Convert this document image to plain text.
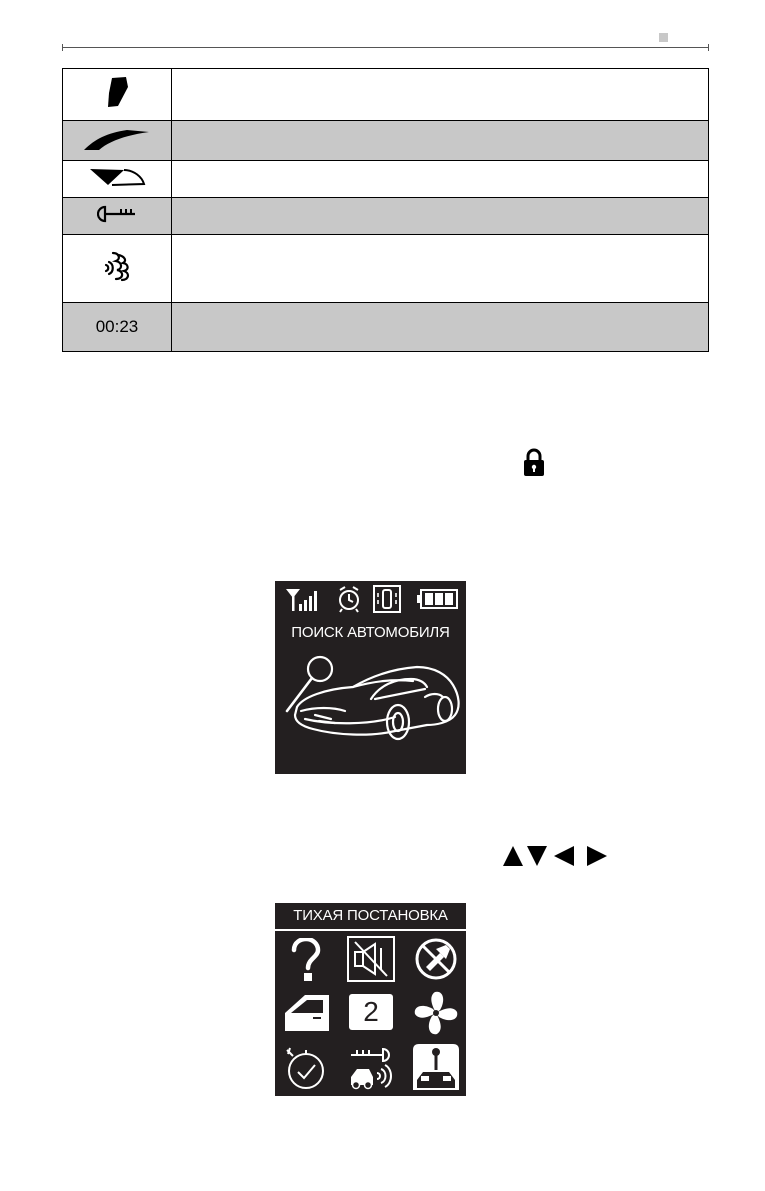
00:23	
ПОИСК АВТОМОБИЛЯ
ТИХАЯ ПОСТАНОВКА
2
